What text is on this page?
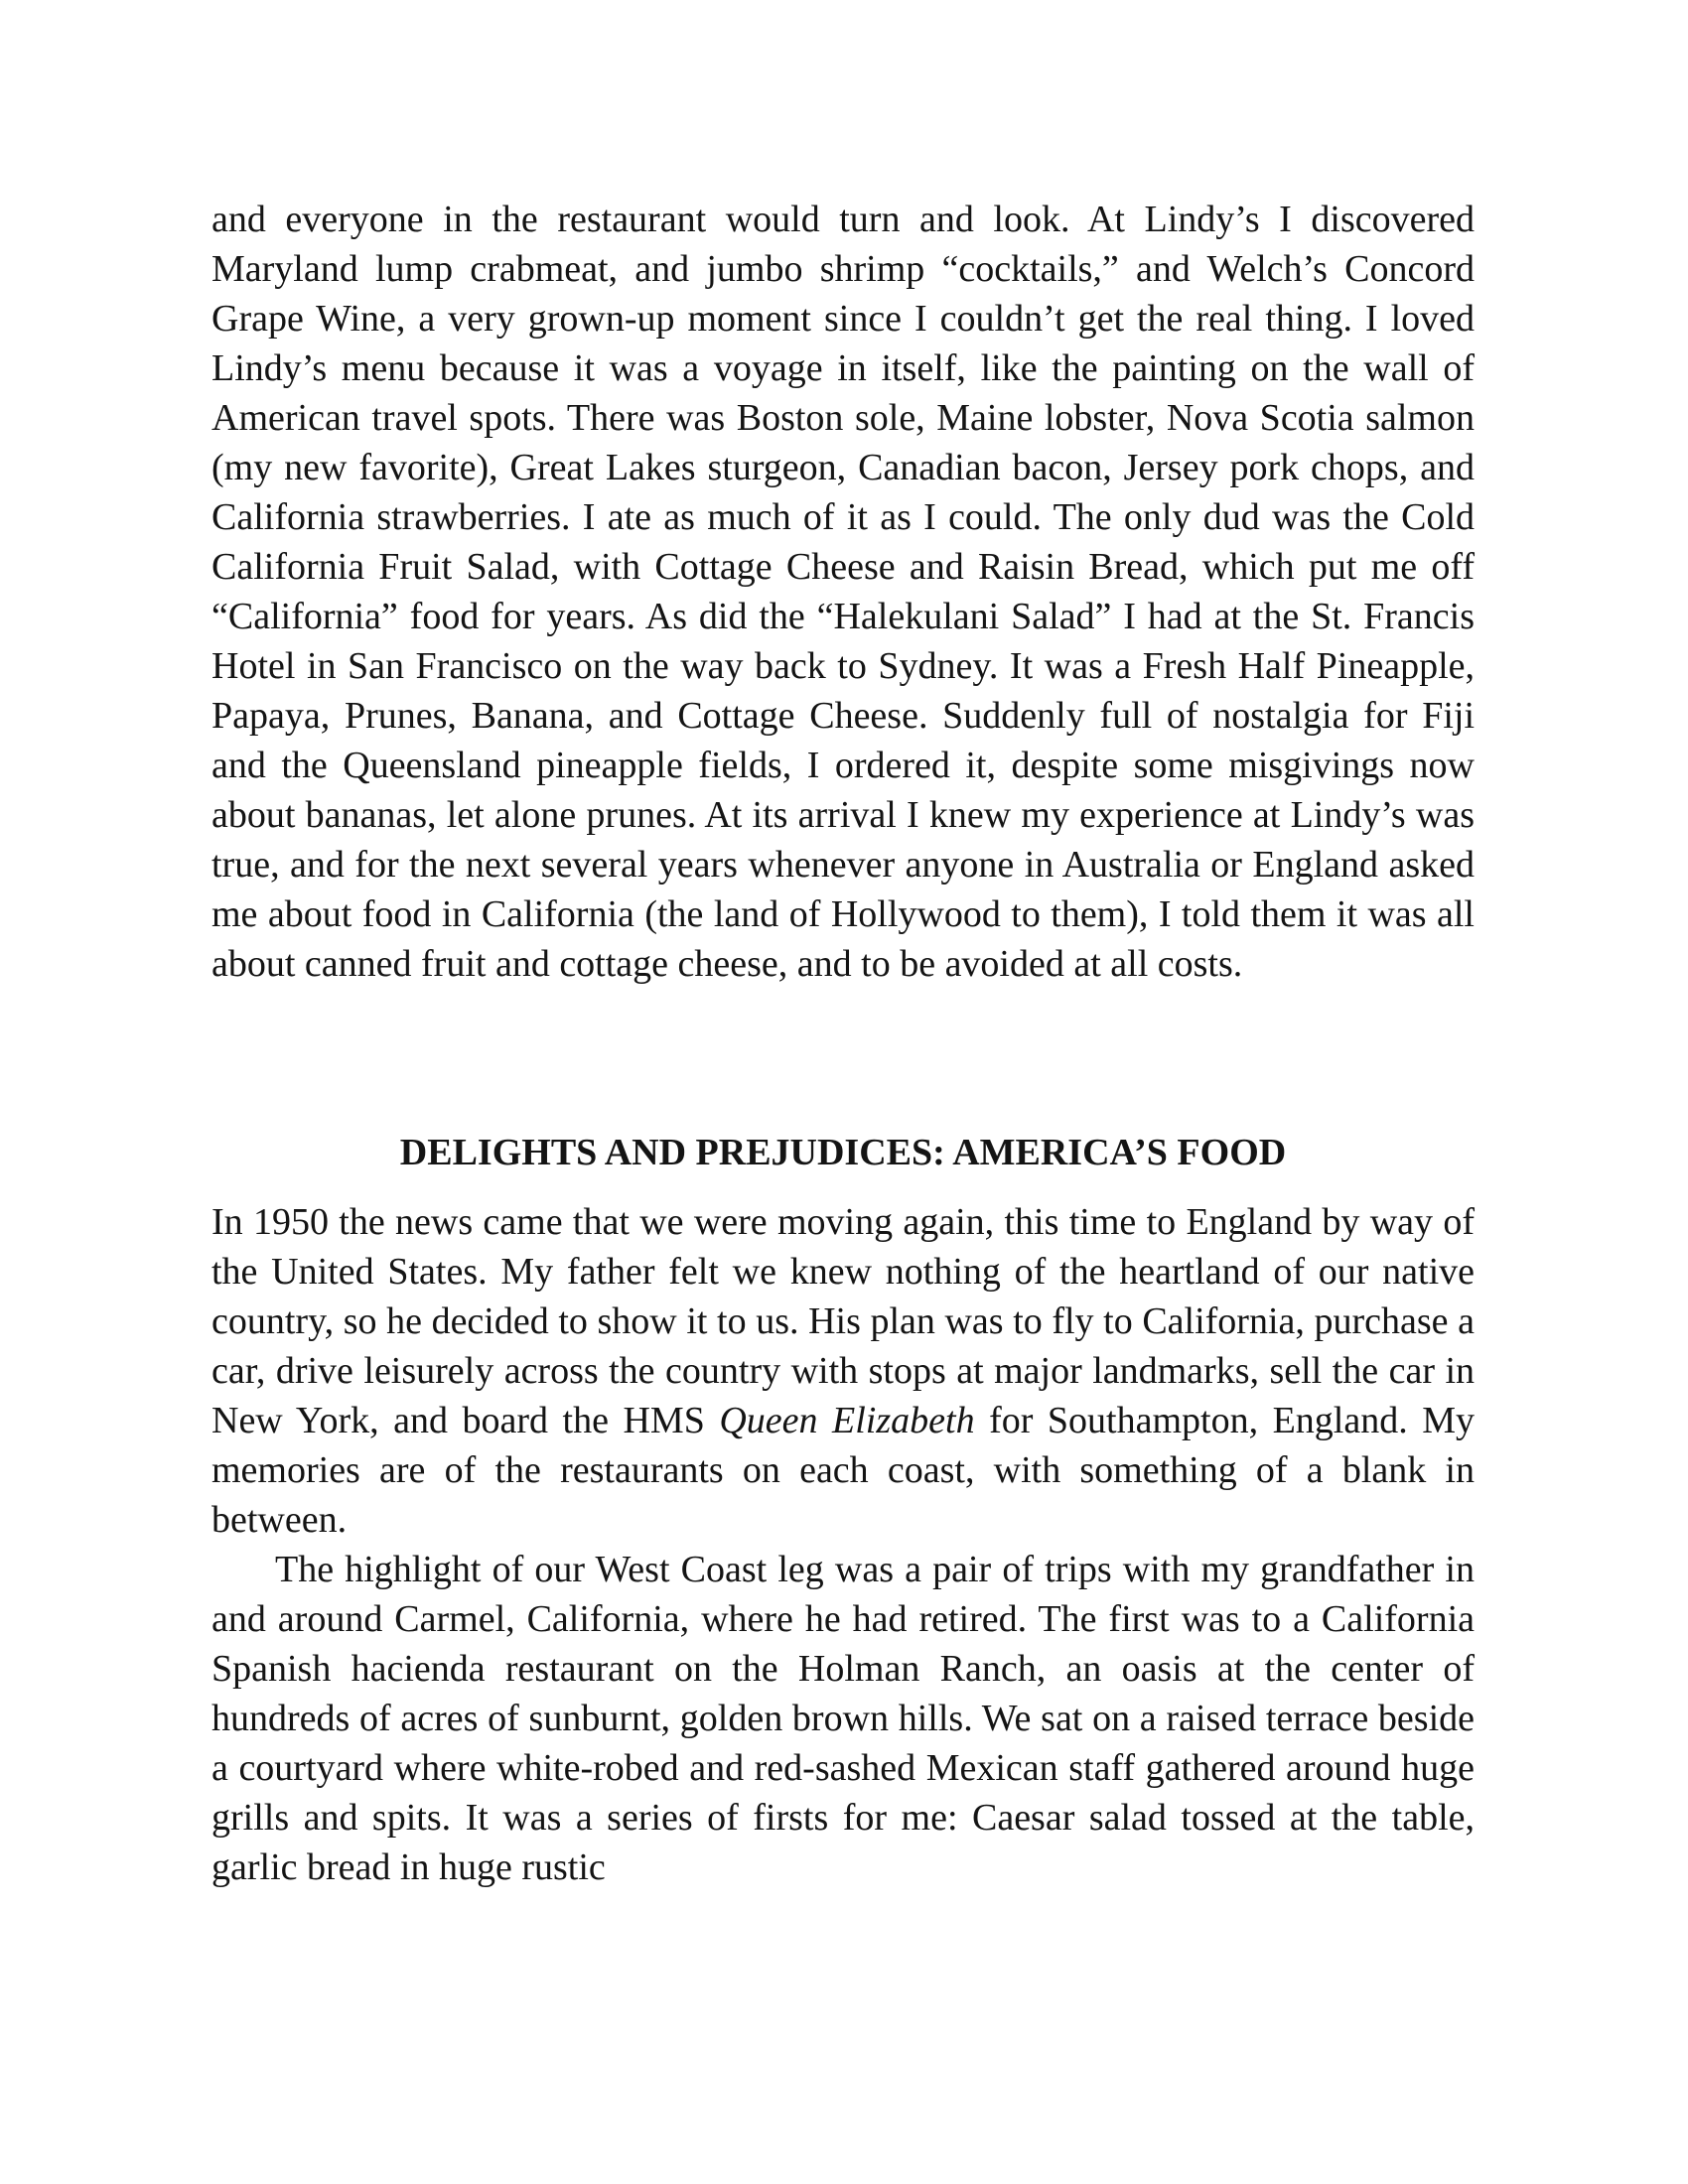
and everyone in the restaurant would turn and look. At Lindy’s I discovered Maryland lump crabmeat, and jumbo shrimp “cocktails,” and Welch’s Concord Grape Wine, a very grown-up moment since I couldn’t get the real thing. I loved Lindy’s menu because it was a voyage in itself, like the painting on the wall of American travel spots. There was Boston sole, Maine lobster, Nova Scotia salmon (my new favorite), Great Lakes sturgeon, Canadian bacon, Jersey pork chops, and California strawberries. I ate as much of it as I could. The only dud was the Cold California Fruit Salad, with Cottage Cheese and Raisin Bread, which put me off “California” food for years. As did the “Halekulani Salad” I had at the St. Francis Hotel in San Francisco on the way back to Sydney. It was a Fresh Half Pineapple, Papaya, Prunes, Banana, and Cottage Cheese. Suddenly full of nostalgia for Fiji and the Queensland pineapple fields, I ordered it, despite some misgivings now about bananas, let alone prunes. At its arrival I knew my experience at Lindy’s was true, and for the next several years whenever anyone in Australia or England asked me about food in California (the land of Hollywood to them), I told them it was all about canned fruit and cottage cheese, and to be avoided at all costs.

DELIGHTS AND PREJUDICES: AMERICA’S FOOD

In 1950 the news came that we were moving again, this time to England by way of the United States. My father felt we knew nothing of the heartland of our native country, so he decided to show it to us. His plan was to fly to California, purchase a car, drive leisurely across the country with stops at major landmarks, sell the car in New York, and board the HMS Queen Elizabeth for Southampton, England. My memories are of the restaurants on each coast, with something of a blank in between.

The highlight of our West Coast leg was a pair of trips with my grandfather in and around Carmel, California, where he had retired. The first was to a California Spanish hacienda restaurant on the Holman Ranch, an oasis at the center of hundreds of acres of sunburnt, golden brown hills. We sat on a raised terrace beside a courtyard where white-robed and red-sashed Mexican staff gathered around huge grills and spits. It was a series of firsts for me: Caesar salad tossed at the table, garlic bread in huge rustic
